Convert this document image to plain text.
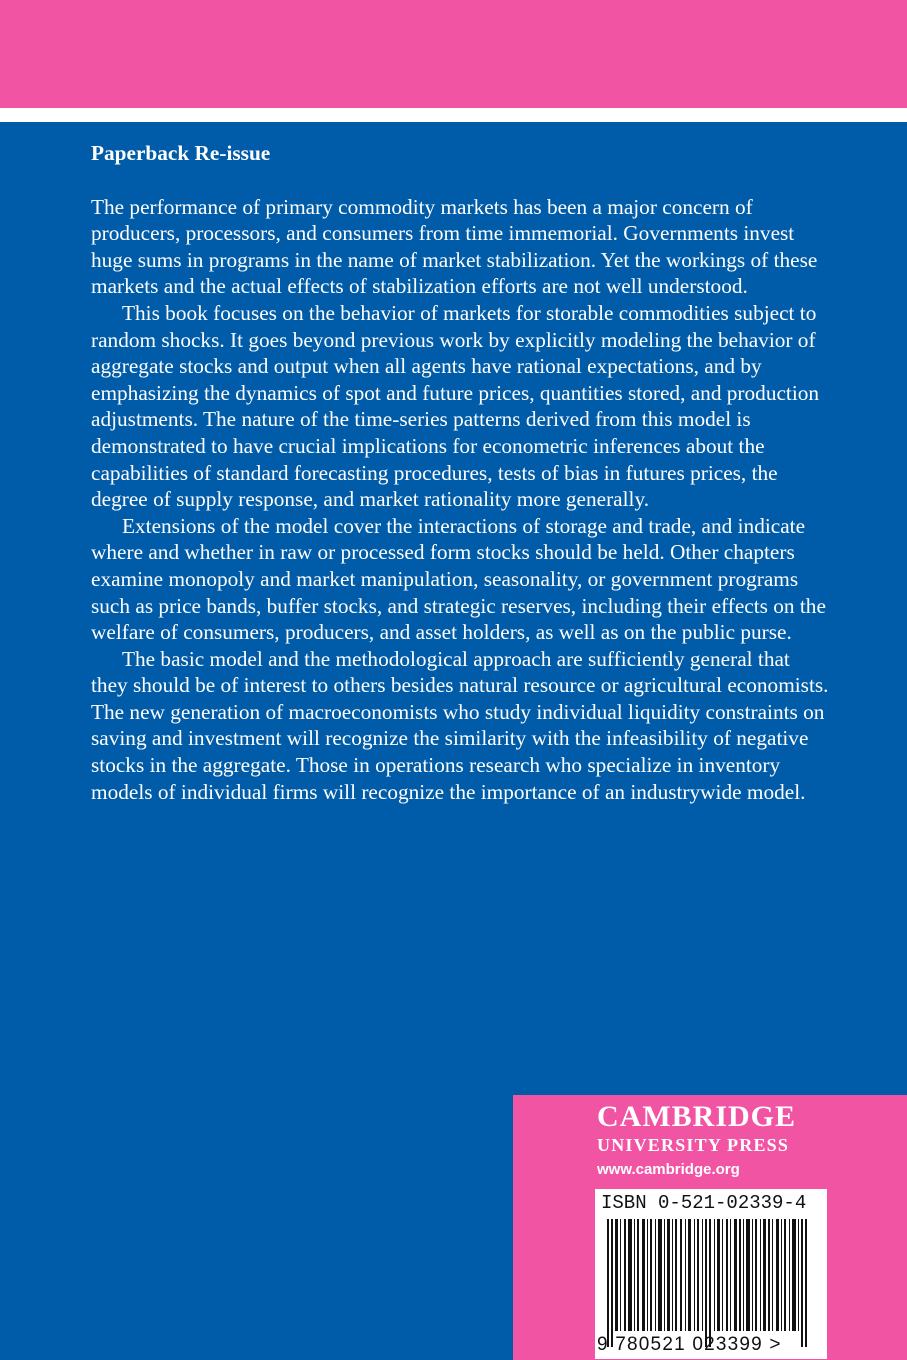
Paperback Re-issue

The performance of primary commodity markets has been a major concern of producers, processors, and consumers from time immemorial. Governments invest huge sums in programs in the name of market stabilization. Yet the workings of these markets and the actual effects of stabilization efforts are not well understood.

This book focuses on the behavior of markets for storable commodities subject to random shocks. It goes beyond previous work by explicitly modeling the behavior of aggregate stocks and output when all agents have rational expectations, and by emphasizing the dynamics of spot and future prices, quantities stored, and production adjustments. The nature of the time-series patterns derived from this model is demonstrated to have crucial implications for econometric inferences about the capabilities of standard forecasting procedures, tests of bias in futures prices, the degree of supply response, and market rationality more generally.

Extensions of the model cover the interactions of storage and trade, and indicate where and whether in raw or processed form stocks should be held. Other chapters examine monopoly and market manipulation, seasonality, or government programs such as price bands, buffer stocks, and strategic reserves, including their effects on the welfare of consumers, producers, and asset holders, as well as on the public purse.

The basic model and the methodological approach are sufficiently general that they should be of interest to others besides natural resource or agricultural economists. The new generation of macroeconomists who study individual liquidity constraints on saving and investment will recognize the similarity with the infeasibility of negative stocks in the aggregate. Those in operations research who specialize in inventory models of individual firms will recognize the importance of an industrywide model.

CAMBRIDGE
UNIVERSITY PRESS
www.cambridge.org
ISBN 0-521-02339-4
9 780521 023399 >
